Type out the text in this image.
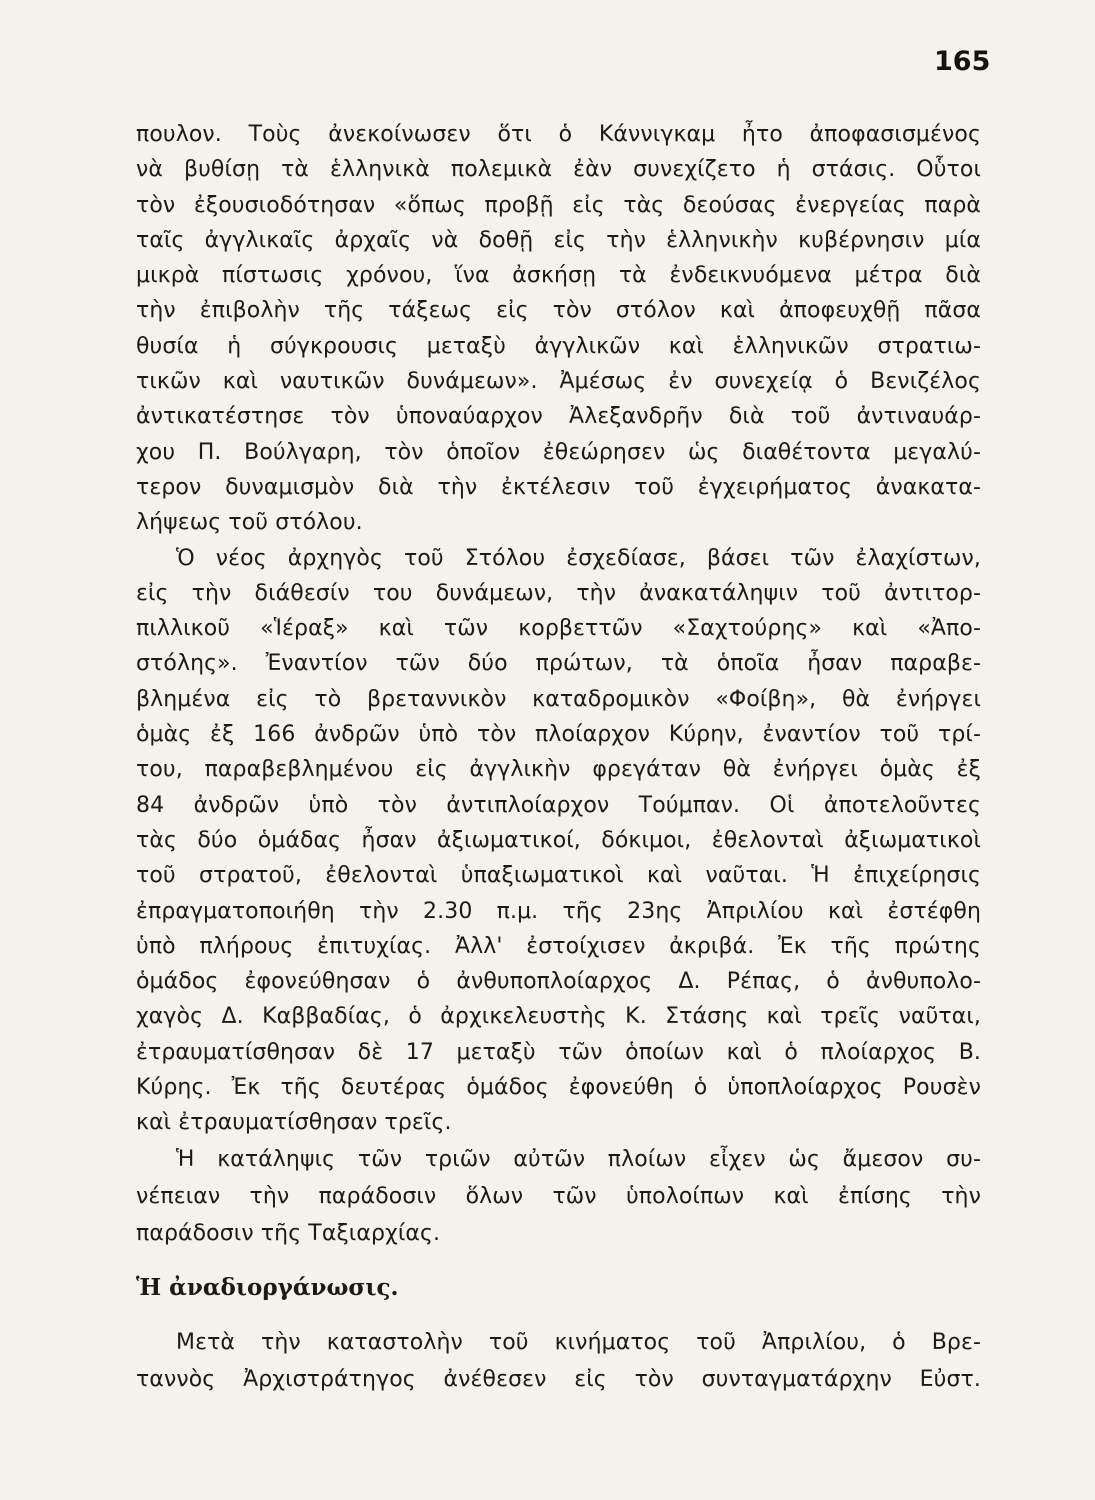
165
πουλον. Τοὺς ἀνεκοίνωσεν ὅτι ὁ Κάννιγκαμ ἦτο ἀποφασισμένος
νὰ βυθίσῃ τὰ ἑλληνικὰ πολεμικὰ ἐὰν συνεχίζετο ἡ στάσις. Οὗτοι
τὸν ἐξουσιοδότησαν «ὅπως προβῇ εἰς τὰς δεούσας ἐνεργείας παρὰ
ταῖς ἀγγλικαῖς ἀρχαῖς νὰ δοθῇ εἰς τὴν ἑλληνικὴν κυβέρνησιν μία
μικρὰ πίστωσις χρόνου, ἵνα ἀσκήσῃ τὰ ἐνδεικνυόμενα μέτρα διὰ
τὴν ἐπιβολὴν τῆς τάξεως εἰς τὸν στόλον καὶ ἀποφευχθῇ πᾶσα
θυσία ἡ σύγκρουσις μεταξὺ ἀγγλικῶν καὶ ἑλληνικῶν στρατιω-
τικῶν καὶ ναυτικῶν δυνάμεων». Ἀμέσως ἐν συνεχείᾳ ὁ Βενιζέλος
ἀντικατέστησε τὸν ὑποναύαρχον Ἀλεξανδρῆν διὰ τοῦ ἀντιναυάρ-
χου Π. Βούλγαρη, τὸν ὁποῖον ἐθεώρησεν ὡς διαθέτοντα μεγαλύ-
τερον δυναμισμὸν διὰ τὴν ἐκτέλεσιν τοῦ ἐγχειρήματος ἀνακατα-
λήψεως τοῦ στόλου.
Ὁ νέος ἀρχηγὸς τοῦ Στόλου ἐσχεδίασε, βάσει τῶν ἐλαχίστων,
εἰς τὴν διάθεσίν του δυνάμεων, τὴν ἀνακατάληψιν τοῦ ἀντιτορ-
πιλλικοῦ «Ἱέραξ» καὶ τῶν κορβεττῶν «Σαχτούρης» καὶ «Ἀπο-
στόλης». Ἐναντίον τῶν δύο πρώτων, τὰ ὁποῖα ἦσαν παραβε-
βλημένα εἰς τὸ βρεταννικὸν καταδρομικὸν «Φοίβη», θὰ ἐνήργει
ὁμὰς ἐξ 166 ἀνδρῶν ὑπὸ τὸν πλοίαρχον Κύρην, ἐναντίον τοῦ τρί-
του, παραβεβλημένου εἰς ἀγγλικὴν φρεγάταν θὰ ἐνήργει ὁμὰς ἐξ
84 ἀνδρῶν ὑπὸ τὸν ἀντιπλοίαρχον Τούμπαν. Οἱ ἀποτελοῦντες
τὰς δύο ὁμάδας ἦσαν ἀξιωματικοί, δόκιμοι, ἐθελονταὶ ἀξιωματικοὶ
τοῦ στρατοῦ, ἐθελονταὶ ὑπαξιωματικοὶ καὶ ναῦται. Ἡ ἐπιχείρησις
ἐπραγματοποιήθη τὴν 2.30 π.μ. τῆς 23ης Ἀπριλίου καὶ ἐστέφθη
ὑπὸ πλήρους ἐπιτυχίας. Ἀλλ' ἐστοίχισεν ἀκριβά. Ἐκ τῆς πρώτης
ὁμάδος ἐφονεύθησαν ὁ ἀνθυποπλοίαρχος Δ. Ρέπας, ὁ ἀνθυπολο-
χαγὸς Δ. Καββαδίας, ὁ ἀρχικελευστὴς Κ. Στάσης καὶ τρεῖς ναῦται,
ἐτραυματίσθησαν δὲ 17 μεταξὺ τῶν ὁποίων καὶ ὁ πλοίαρχος Β.
Κύρης. Ἐκ τῆς δευτέρας ὁμάδος ἐφονεύθη ὁ ὑποπλοίαρχος Ρουσὲν
καὶ ἐτραυματίσθησαν τρεῖς.
Ἡ κατάληψις τῶν τριῶν αὐτῶν πλοίων εἶχεν ὡς ἄμεσον συ-
νέπειαν τὴν παράδοσιν ὅλων τῶν ὑπολοίπων καὶ ἐπίσης τὴν
παράδοσιν τῆς Ταξιαρχίας.
Ἡ ἀναδιοργάνωσις.
Μετὰ τὴν καταστολὴν τοῦ κινήματος τοῦ Ἀπριλίου, ὁ Βρε-
ταννὸς Ἀρχιστράτηγος ἀνέθεσεν εἰς τὸν συνταγματάρχην Εὐστ.
